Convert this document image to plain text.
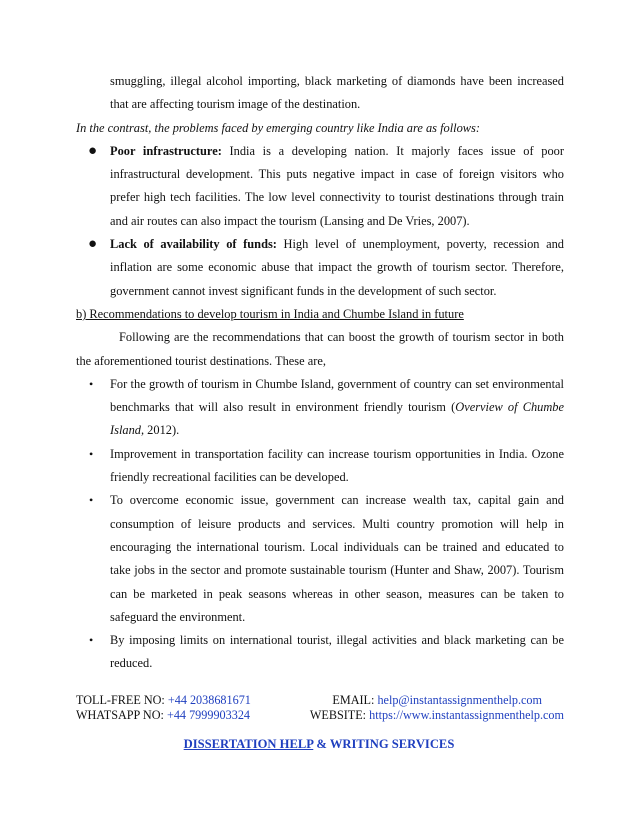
smuggling, illegal alcohol importing, black marketing of diamonds have been increased that are affecting tourism image of the destination.

In the contrast, the problems faced by emerging country like India are as follows:

● Poor infrastructure: India is a developing nation. It majorly faces issue of poor infrastructural development. This puts negative impact in case of foreign visitors who prefer high tech facilities. The low level connectivity to tourist destinations through train and air routes can also impact the tourism (Lansing and De Vries, 2007).

● Lack of availability of funds: High level of unemployment, poverty, recession and inflation are some economic abuse that impact the growth of tourism sector. Therefore, government cannot invest significant funds in the development of such sector.

b) Recommendations to develop tourism in India and Chumbe Island in future

Following are the recommendations that can boost the growth of tourism sector in both the aforementioned tourist destinations. These are,

• For the growth of tourism in Chumbe Island, government of country can set environmental benchmarks that will also result in environment friendly tourism (Overview of Chumbe Island, 2012).

• Improvement in transportation facility can increase tourism opportunities in India. Ozone friendly recreational facilities can be developed.

• To overcome economic issue, government can increase wealth tax, capital gain and consumption of leisure products and services. Multi country promotion will help in encouraging the international tourism. Local individuals can be trained and educated to take jobs in the sector and promote sustainable tourism (Hunter and Shaw, 2007). Tourism can be marketed in peak seasons whereas in other season, measures can be taken to safeguard the environment.

• By imposing limits on international tourist, illegal activities and black marketing can be reduced.

TOLL-FREE NO: +44 2038681671	EMAIL: help@instantassignmenthelp.com
WHATSAPP NO: +44 7999903324	WEBSITE: https://www.instantassignmenthelp.com
DISSERTATION HELP & WRITING SERVICES
